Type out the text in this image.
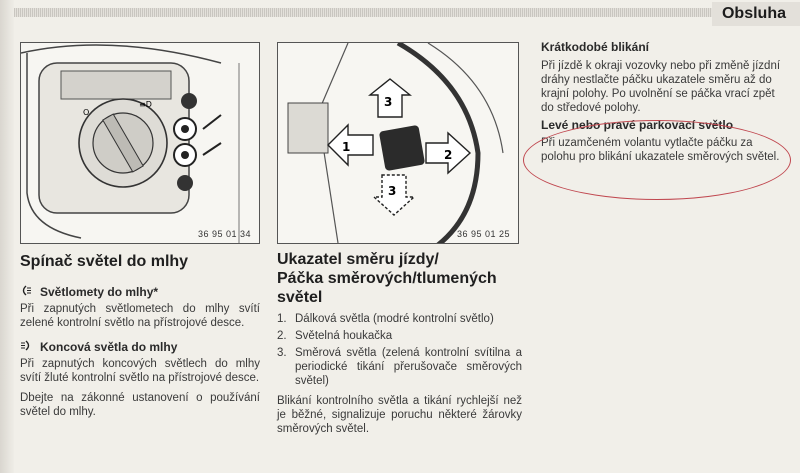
Obsluha
O
≡D
36 95 01 34
3
1
2
3
36 95 01 25
Spínač světel do mlhy
Světlomety do mlhy*
Při zapnutých světlometech do mlhy svítí zelené kontrolní světlo na přístrojové desce.
Koncová světla do mlhy
Při zapnutých koncových světlech do mlhy svítí žluté kontrolní světlo na přístrojové desce.
Dbejte na zákonné ustanovení o používání světel do mlhy.
Ukazatel směru jízdy/
Páčka směrových/tlumených
světel
1. Dálková světla (modré kontrolní světlo)
2. Světelná houkačka
3. Směrová světla (zelená kontrolní svítilna a periodické tikání přerušovače směrových světel)
Blikání kontrolního světla a tikání rychlejší než je běžné, signalizuje poruchu některé žárovky směrových světel.
Krátkodobé blikání
Při jízdě k okraji vozovky nebo při změně jízdní dráhy nestlačte páčku ukazatele směru až do krajní polohy. Po uvolnění se páčka vrací zpět do středové polohy.
Levé nebo pravé parkovací světlo
Při uzamčeném volantu vytlačte páčku za polohu pro blikání ukazatele směrových světel.
